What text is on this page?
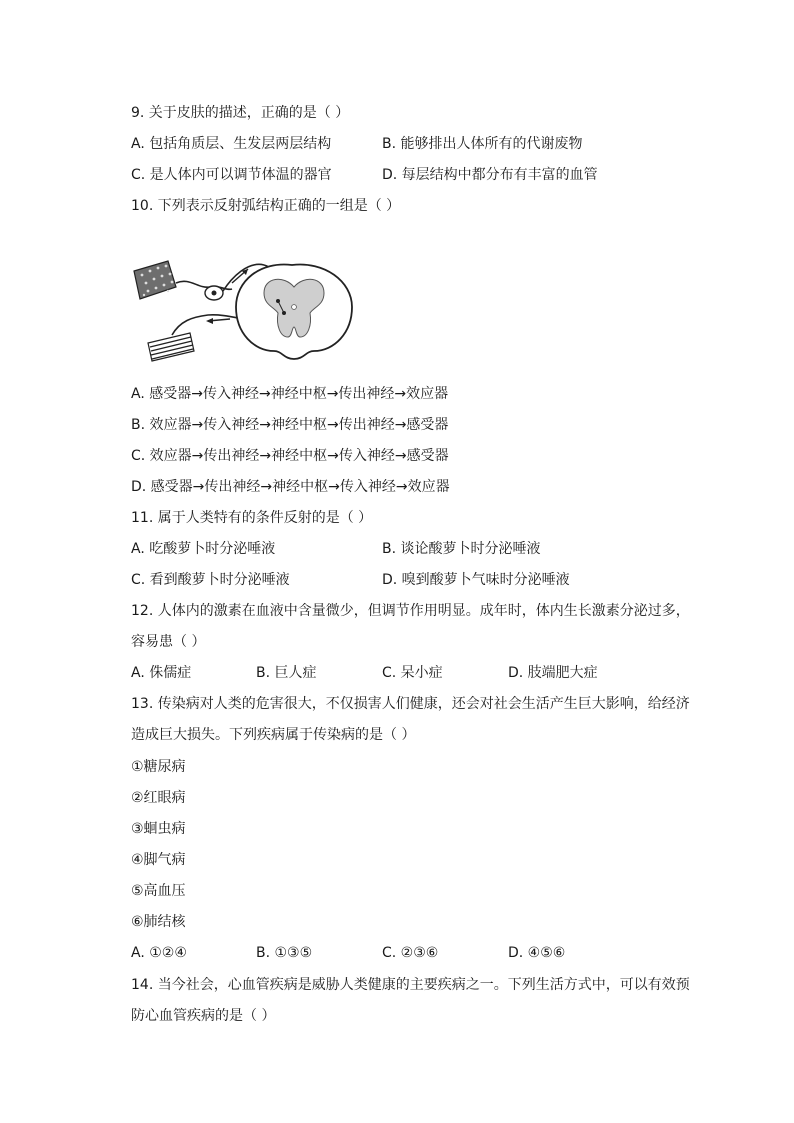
9. 关于皮肤的描述，正确的是（ ）
A. 包括角质层、生发层两层结构	B. 能够排出人体所有的代谢废物
C. 是人体内可以调节体温的器官	D. 每层结构中都分布有丰富的血管
10. 下列表示反射弧结构正确的一组是（ ）
A. 感受器→传入神经→神经中枢→传出神经→效应器
B. 效应器→传入神经→神经中枢→传出神经→感受器
C. 效应器→传出神经→神经中枢→传入神经→感受器
D. 感受器→传出神经→神经中枢→传入神经→效应器
11. 属于人类特有的条件反射的是（ ）
A. 吃酸萝卜时分泌唾液	B. 谈论酸萝卜时分泌唾液
C. 看到酸萝卜时分泌唾液	D. 嗅到酸萝卜气味时分泌唾液
12. 人体内的激素在血液中含量微少，但调节作用明显。成年时，体内生长激素分泌过多，
容易患（ ）
A. 侏儒症	B. 巨人症	C. 呆小症	D. 肢端肥大症
13. 传染病对人类的危害很大，不仅损害人们健康，还会对社会生活产生巨大影响，给经济
造成巨大损失。下列疾病属于传染病的是（ ）
①糖尿病
②红眼病
③蛔虫病
④脚气病
⑤高血压
⑥肺结核
A. ①②④	B. ①③⑤	C. ②③⑥	D. ④⑤⑥
14. 当今社会，心血管疾病是威胁人类健康的主要疾病之一。下列生活方式中，可以有效预
防心血管疾病的是（ ）
